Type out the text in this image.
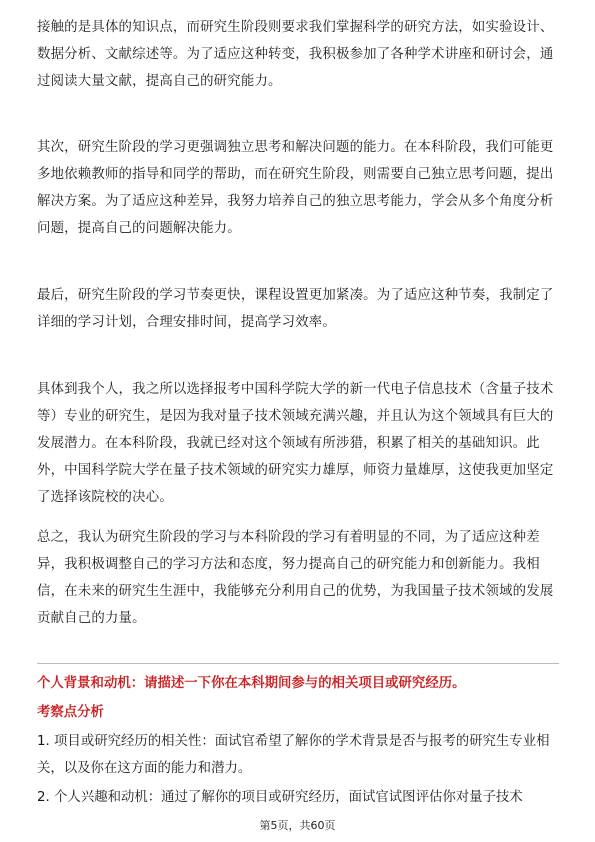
接触的是具体的知识点，而研究生阶段则要求我们掌握科学的研究方法，如实验设计、数据分析、文献综述等。为了适应这种转变，我积极参加了各种学术讲座和研讨会，通过阅读大量文献，提高自己的研究能力。

其次，研究生阶段的学习更强调独立思考和解决问题的能力。在本科阶段，我们可能更多地依赖教师的指导和同学的帮助，而在研究生阶段，则需要自己独立思考问题，提出解决方案。为了适应这种差异，我努力培养自己的独立思考能力，学会从多个角度分析问题，提高自己的问题解决能力。

最后，研究生阶段的学习节奏更快，课程设置更加紧凑。为了适应这种节奏，我制定了详细的学习计划，合理安排时间，提高学习效率。

具体到我个人，我之所以选择报考中国科学院大学的新一代电子信息技术（含量子技术等）专业的研究生，是因为我对量子技术领域充满兴趣，并且认为这个领域具有巨大的发展潜力。在本科阶段，我就已经对这个领域有所涉猎，积累了相关的基础知识。此外，中国科学院大学在量子技术领域的研究实力雄厚，师资力量雄厚，这使我更加坚定了选择该院校的决心。

总之，我认为研究生阶段的学习与本科阶段的学习有着明显的不同，为了适应这种差异，我积极调整自己的学习方法和态度，努力提高自己的研究能力和创新能力。我相信，在未来的研究生生涯中，我能够充分利用自己的优势，为我国量子技术领域的发展贡献自己的力量。

个人背景和动机：请描述一下你在本科期间参与的相关项目或研究经历。

考察点分析

1. 项目或研究经历的相关性：面试官希望了解你的学术背景是否与报考的研究生专业相关，以及你在这方面的能力和潜力。

2. 个人兴趣和动机：通过了解你的项目或研究经历，面试官试图评估你对量子技术

第5页，共60页
